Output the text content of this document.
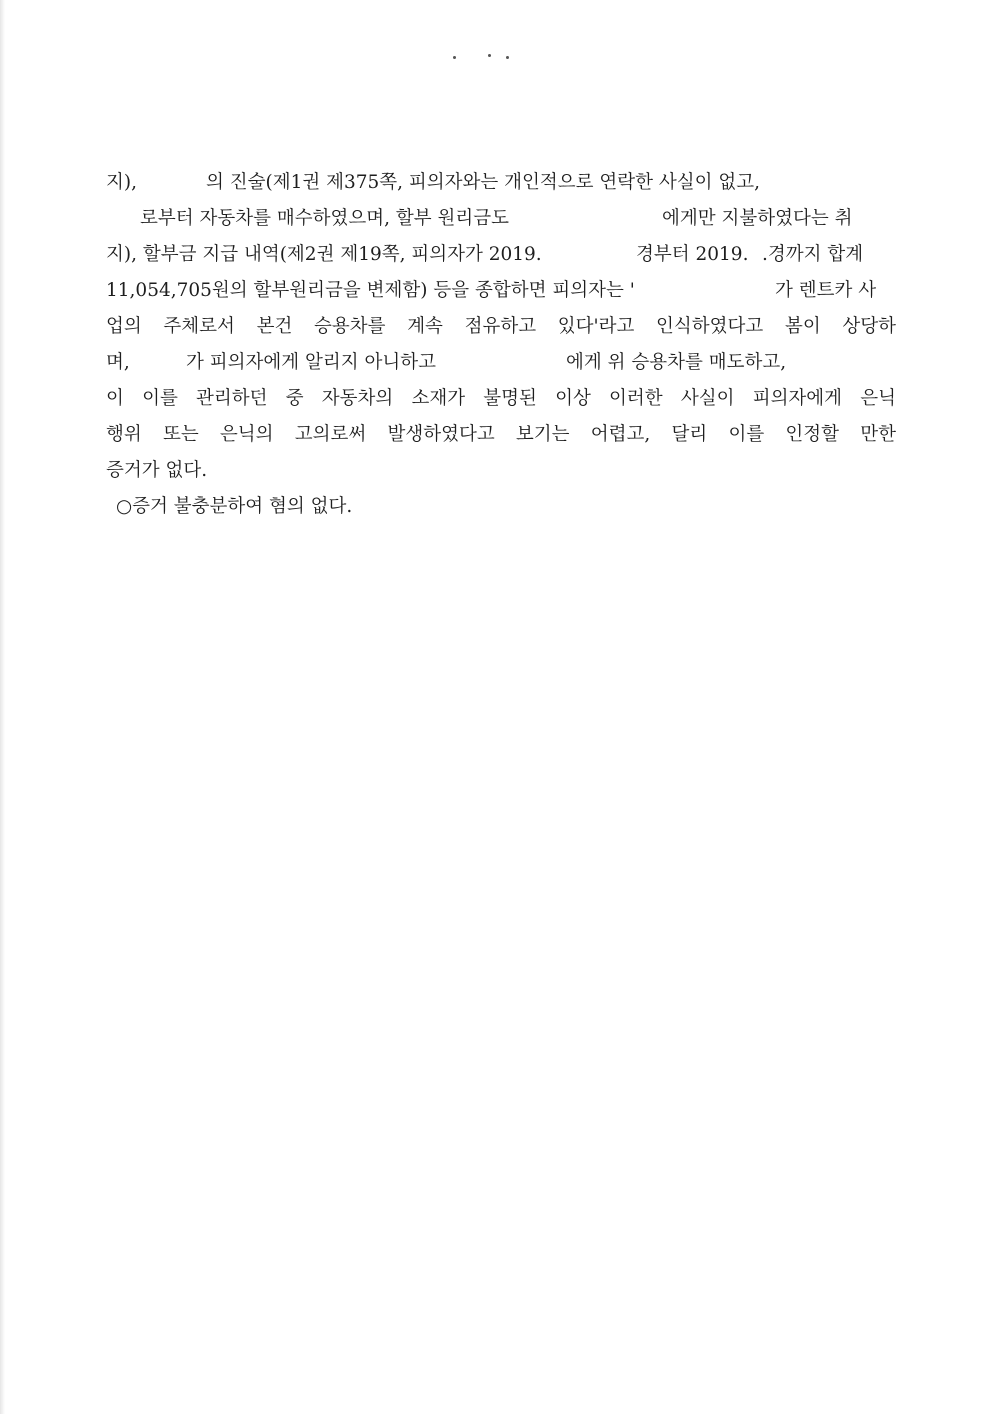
지),	의 진술(제1권 제375쪽, 피의자와는 개인적으로 연락한 사실이 없고,
로부터 자동차를 매수하였으며, 할부 원리금도	에게만 지불하였다는 취
지), 할부금 지급 내역(제2권 제19쪽, 피의자가 2019.	경부터 2019. .경까지 합계
11,054,705원의 할부원리금을 변제함) 등을 종합하면 피의자는 '	가 렌트카 사
업의 주체로서 본건 승용차를 계속 점유하고 있다'라고 인식하였다고 봄이 상당하
며,	가 피의자에게 알리지 아니하고	에게 위 승용차를 매도하고,
이 이를 관리하던 중 자동차의 소재가 불명된 이상 이러한 사실이 피의자에게 은닉
행위 또는 은닉의 고의로써 발생하였다고 보기는 어렵고, 달리 이를 인정할 만한
증거가 없다.
○증거 불충분하여 혐의 없다.
